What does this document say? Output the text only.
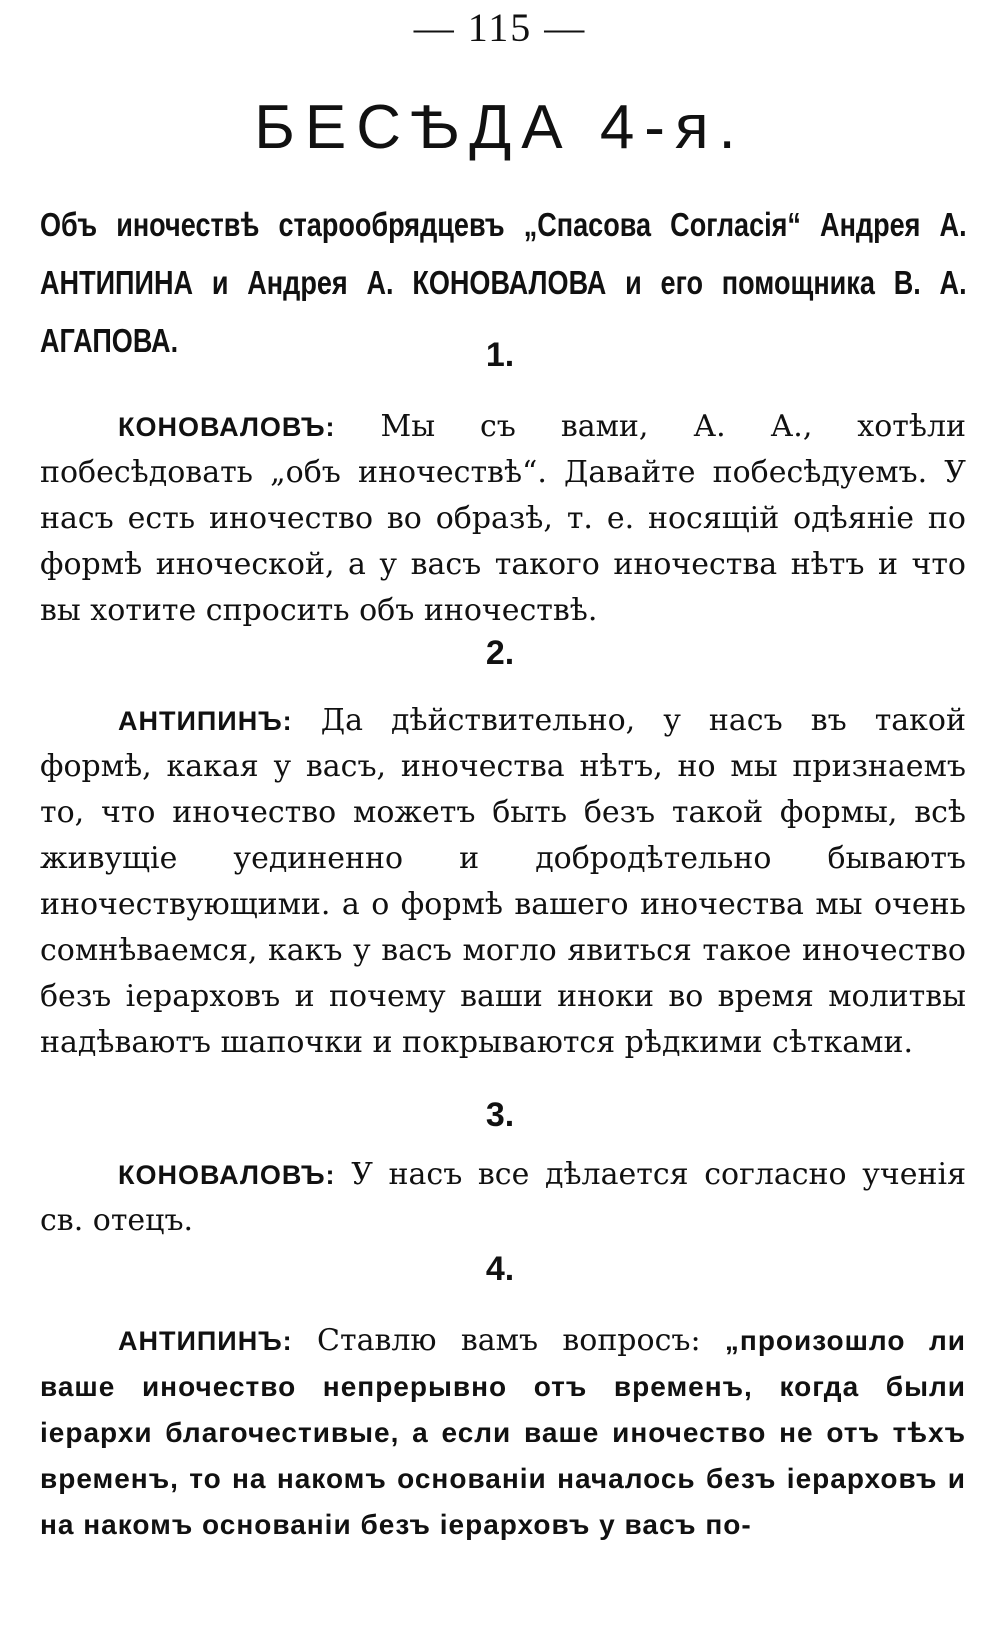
— 115 —
БЕСѢДА 4-я.
Объ иночествѣ старообрядцевъ „Спасова Согласія“ Андрея А. АНТИПИНА и Андрея А. КОНОВАЛОВА и его помощника В. А. АГАПОВА.	1.
КОНОВАЛОВЪ: Мы съ вами, А. А., хотѣли побесѣдовать „объ иночествѣ“. Давайте побесѣдуемъ. У насъ есть иночество во образѣ, т. е. носящій одѣяніе по формѣ иноческой, а у васъ такого иночества нѣтъ и что вы хотите спросить объ иночествѣ.
2.
АНТИПИНЪ: Да дѣйствительно, у насъ въ такой формѣ, какая у васъ, иночества нѣтъ, но мы признаемъ то, что иночество можетъ быть безъ такой формы, всѣ живущіе уединенно и добродѣтельно бываютъ иночествующими. а о формѣ вашего иночества мы очень сомнѣваемся, какъ у васъ могло явиться такое иночество безъ іерарховъ и почему ваши иноки во время молитвы надѣваютъ шапочки и покрываются рѣдкими сѣтками.
3.
КОНОВАЛОВЪ: У насъ все дѣлается согласно ученія св. отецъ.
4.
АНТИПИНЪ: Ставлю вамъ вопросъ: „произошло ли ваше иночество непрерывно отъ временъ, когда были іерархи благочестивые, а если ваше иночество не отъ тѣхъ временъ, то на накомъ основаніи началось безъ іерарховъ и на накомъ основаніи безъ іерарховъ у васъ по-
